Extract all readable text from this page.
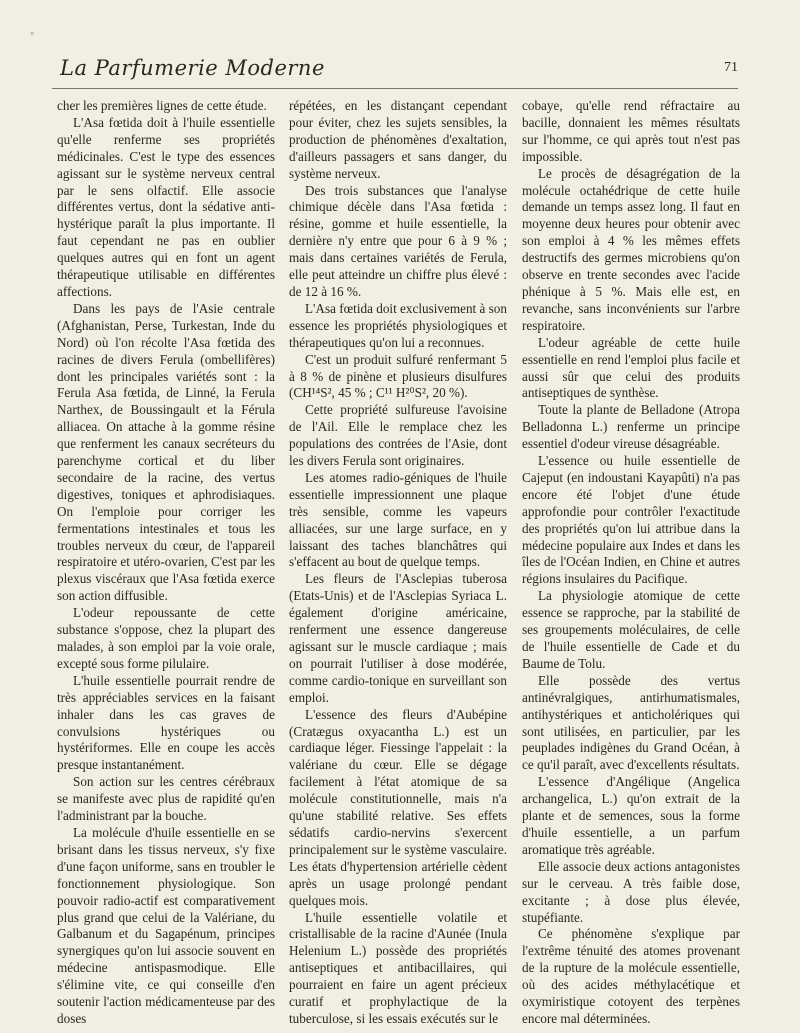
°
La Parfumerie Moderne	71

cher les premières lignes de cette étude.

L'Asa fœtida doit à l'huile essentielle qu'elle renferme ses propriétés médicinales. C'est le type des essences agissant sur le système nerveux central par le sens olfactif. Elle associe différentes vertus, dont la sédative anti-hystérique paraît la plus importante. Il faut cependant ne pas en oublier quelques autres qui en font un agent thérapeutique utilisable en différentes affections.

Dans les pays de l'Asie centrale (Afghanistan, Perse, Turkestan, Inde du Nord) où l'on récolte l'Asa fœtida des racines de divers Ferula (ombellifères) dont les principales variétés sont : la Ferula Asa fœtida, de Linné, la Ferula Narthex, de Boussingault et la Férula alliacea. On attache à la gomme résine que renferment les canaux secréteurs du parenchyme cortical et du liber secondaire de la racine, des vertus digestives, toniques et aphrodisiaques. On l'emploie pour corriger les fermentations intestinales et tous les troubles nerveux du cœur, de l'appareil respiratoire et utéro-ovarien, C'est par les plexus viscéraux que l'Asa fœtida exerce son action diffusible.

L'odeur repoussante de cette substance s'oppose, chez la plupart des malades, à son emploi par la voie orale, excepté sous forme pilulaire.

L'huile essentielle pourrait rendre de très appréciables services en la faisant inhaler dans les cas graves de convulsions hystériques ou hystériformes. Elle en coupe les accès presque instantanément.

Son action sur les centres cérébraux se manifeste avec plus de rapidité qu'en l'administrant par la bouche.

La molécule d'huile essentielle en se brisant dans les tissus nerveux, s'y fixe d'une façon uniforme, sans en troubler le fonctionnement physiologique. Son pouvoir radio-actif est comparativement plus grand que celui de la Valériane, du Galbanum et du Sagapénum, principes synergiques qu'on lui associe souvent en médecine antispasmodique. Elle s'élimine vite, ce qui conseille d'en soutenir l'action médicamenteuse par des doses

répétées, en les distançant cependant pour éviter, chez les sujets sensibles, la production de phénomènes d'exaltation, d'ailleurs passagers et sans danger, du système nerveux.

Des trois substances que l'analyse chimique décèle dans l'Asa fœtida : résine, gomme et huile essentielle, la dernière n'y entre que pour 6 à 9 % ; mais dans certaines variétés de Ferula, elle peut atteindre un chiffre plus élevé : de 12 à 16 %.

L'Asa fœtida doit exclusivement à son essence les propriétés physiologiques et thérapeutiques qu'on lui a reconnues.

C'est un produit sulfuré renfermant 5 à 8 % de pinène et plusieurs disulfures (CH¹⁴S², 45 % ; C¹¹ H²⁰S², 20 %).

Cette propriété sulfureuse l'avoisine de l'Ail. Elle le remplace chez les populations des contrées de l'Asie, dont les divers Ferula sont originaires.

Les atomes radio-géniques de l'huile essentielle impressionnent une plaque très sensible, comme les vapeurs alliacées, sur une large surface, en y laissant des taches blanchâtres qui s'effacent au bout de quelque temps.

Les fleurs de l'Asclepias tuberosa (Etats-Unis) et de l'Asclepias Syriaca L. également d'origine américaine, renferment une essence dangereuse agissant sur le muscle cardiaque ; mais on pourrait l'utiliser à dose modérée, comme cardio-tonique en surveillant son emploi.

L'essence des fleurs d'Aubépine (Cratægus oxyacantha L.) est un cardiaque léger. Fiessinge l'appelait : la valériane du cœur. Elle se dégage facilement à l'état atomique de sa molécule constitutionnelle, mais n'a qu'une stabilité relative. Ses effets sédatifs cardio-nervins s'exercent principalement sur le système vasculaire. Les états d'hypertension artérielle cèdent après un usage prolongé pendant quelques mois.

L'huile essentielle volatile et cristallisable de la racine d'Aunée (Inula Helenium L.) possède des propriétés antiseptiques et antibacillaires, qui pourraient en faire un agent précieux curatif et prophylactique de la tuberculose, si les essais exécutés sur le

cobaye, qu'elle rend réfractaire au bacille, donnaient les mêmes résultats sur l'homme, ce qui après tout n'est pas impossible.

Le procès de désagrégation de la molécule octahédrique de cette huile demande un temps assez long. Il faut en moyenne deux heures pour obtenir avec son emploi à 4 % les mêmes effets destructifs des germes microbiens qu'on observe en trente secondes avec l'acide phénique à 5 %. Mais elle est, en revanche, sans inconvénients sur l'arbre respiratoire.

L'odeur agréable de cette huile essentielle en rend l'emploi plus facile et aussi sûr que celui des produits antiseptiques de synthèse.

Toute la plante de Belladone (Atropa Belladonna L.) renferme un principe essentiel d'odeur vireuse désagréable.

L'essence ou huile essentielle de Cajeput (en indoustani Kayapûti) n'a pas encore été l'objet d'une étude approfondie pour contrôler l'exactitude des propriétés qu'on lui attribue dans la médecine populaire aux Indes et dans les îles de l'Océan Indien, en Chine et autres régions insulaires du Pacifique.

La physiologie atomique de cette essence se rapproche, par la stabilité de ses groupements moléculaires, de celle de l'huile essentielle de Cade et du Baume de Tolu.

Elle possède des vertus antinévralgiques, antirhumatismales, antihystériques et anticholériques qui sont utilisées, en particulier, par les peuplades indigènes du Grand Océan, à ce qu'il paraît, avec d'excellents résultats.

L'essence d'Angélique (Angelica archangelica, L.) qu'on extrait de la plante et de semences, sous la forme d'huile essentielle, a un parfum aromatique très agréable.

Elle associe deux actions antagonistes sur le cerveau. A très faible dose, excitante ; à dose plus élevée, stupéfiante.

Ce phénomène s'explique par l'extrême ténuité des atomes provenant de la rupture de la molécule essentielle, où des acides méthylacétique et oxymiristique cotoyent des terpènes encore mal déterminées.
